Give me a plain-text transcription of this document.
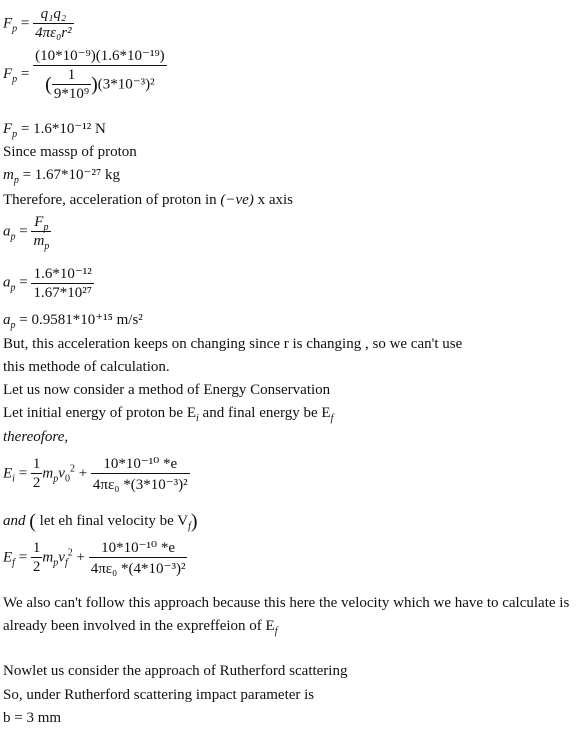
$F_p = \frac{\text{q₁q₂}}{\text{4πε₀r²}}$
$F_p = \frac{\text{(10*10⁻⁹)(1.6*10⁻¹⁹)}}{( \frac{1}{\text{9*10⁹}} )(3*10^{-3})^2}$
$F_p = 1.6*10^{-12}$ N
Since massp of proton
$m_p = 1.67*10^{-27}$ kg
Therefore, acceleration of proton in (−ve) x axis
$a_p = \frac{F_p}{m_p}$
$a_p = \frac{\text{1.6*10⁻¹²}}{\text{1.67*10²⁷}}$
$a_p = 0.9581*10^{+15}$ m/s²
But, this acceleration keeps on changing since r is changing , so we can't use
this methode of calculation.
Let us now consider a method of Energy Conservation
Let initial energy of proton be $E_i$ and final energy be $E_f$
thereofore,
$E_i = \frac{1}{2} m_pv_0^2 + \frac{\text{10*10⁻¹⁰ *e}}{\text{4πε₀ *(3*10⁻³)²}}$
and ( let eh final velocity be $V_f$)
$E_f = \frac{1}{2} m_pv_f^2 + \frac{\text{10*10⁻¹⁰ *e}}{\text{4πε₀ *(4*10⁻³)²}}$
We also can't follow this approach because this here the velocity which we have to calculate is
already been involved in the expreffeion of $E_f$
Nowlet us consider the approach of Rutherford scattering
So, under Rutherford scattering impact parameter is
b = 3 mm
